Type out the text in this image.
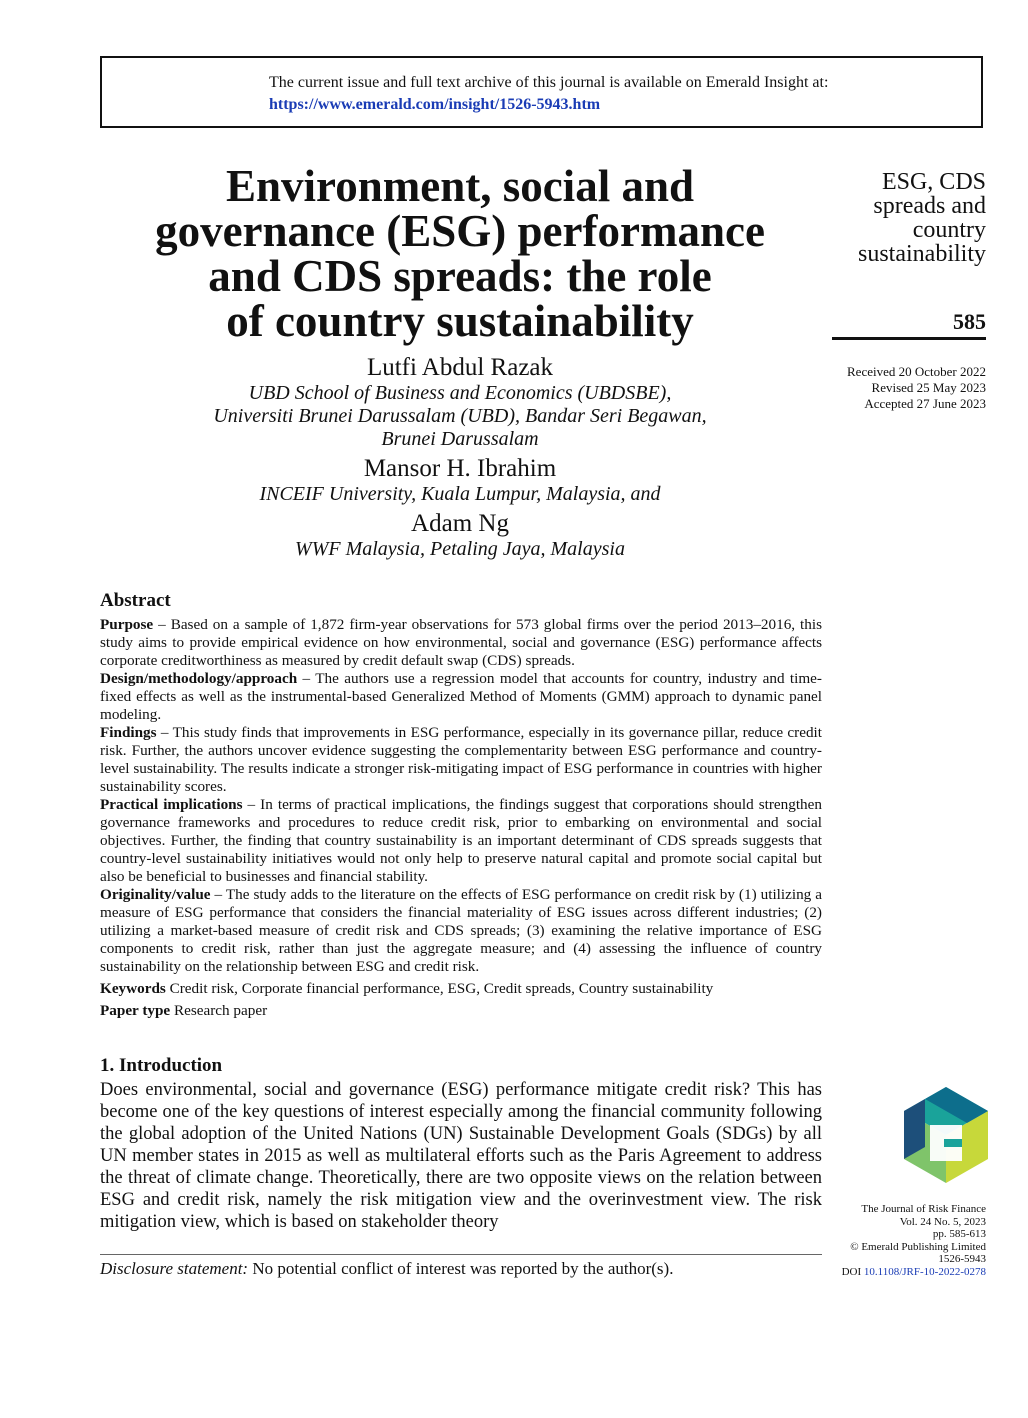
The current issue and full text archive of this journal is available on Emerald Insight at:
https://www.emerald.com/insight/1526-5943.htm
Environment, social and
governance (ESG) performance
and CDS spreads: the role
of country sustainability
Lutfi Abdul Razak
UBD School of Business and Economics (UBDSBE),
Universiti Brunei Darussalam (UBD), Bandar Seri Begawan,
Brunei Darussalam
Mansor H. Ibrahim
INCEIF University, Kuala Lumpur, Malaysia, and
Adam Ng
WWF Malaysia, Petaling Jaya, Malaysia
ESG, CDS
spreads and
country
sustainability
585
Received 20 October 2022
Revised 25 May 2023
Accepted 27 June 2023
Abstract

Purpose – Based on a sample of 1,872 firm-year observations for 573 global firms over the period 2013–2016, this study aims to provide empirical evidence on how environmental, social and governance (ESG) performance affects corporate creditworthiness as measured by credit default swap (CDS) spreads.

Design/methodology/approach – The authors use a regression model that accounts for country, industry and time-fixed effects as well as the instrumental-based Generalized Method of Moments (GMM) approach to dynamic panel modeling.

Findings – This study finds that improvements in ESG performance, especially in its governance pillar, reduce credit risk. Further, the authors uncover evidence suggesting the complementarity between ESG performance and country-level sustainability. The results indicate a stronger risk-mitigating impact of ESG performance in countries with higher sustainability scores.

Practical implications – In terms of practical implications, the findings suggest that corporations should strengthen governance frameworks and procedures to reduce credit risk, prior to embarking on environmental and social objectives. Further, the finding that country sustainability is an important determinant of CDS spreads suggests that country-level sustainability initiatives would not only help to preserve natural capital and promote social capital but also be beneficial to businesses and financial stability.

Originality/value – The study adds to the literature on the effects of ESG performance on credit risk by (1) utilizing a measure of ESG performance that considers the financial materiality of ESG issues across different industries; (2) utilizing a market-based measure of credit risk and CDS spreads; (3) examining the relative importance of ESG components to credit risk, rather than just the aggregate measure; and (4) assessing the influence of country sustainability on the relationship between ESG and credit risk.

Keywords Credit risk, Corporate financial performance, ESG, Credit spreads, Country sustainability
Paper type Research paper
1. Introduction

Does environmental, social and governance (ESG) performance mitigate credit risk? This has become one of the key questions of interest especially among the financial community following the global adoption of the United Nations (UN) Sustainable Development Goals (SDGs) by all UN member states in 2015 as well as multilateral efforts such as the Paris Agreement to address the threat of climate change. Theoretically, there are two opposite views on the relation between ESG and credit risk, namely the risk mitigation view and the overinvestment view. The risk mitigation view, which is based on stakeholder theory

Disclosure statement: No potential conflict of interest was reported by the author(s).
The Journal of Risk Finance
Vol. 24 No. 5, 2023
pp. 585-613
© Emerald Publishing Limited
1526-5943
DOI 10.1108/JRF-10-2022-0278
